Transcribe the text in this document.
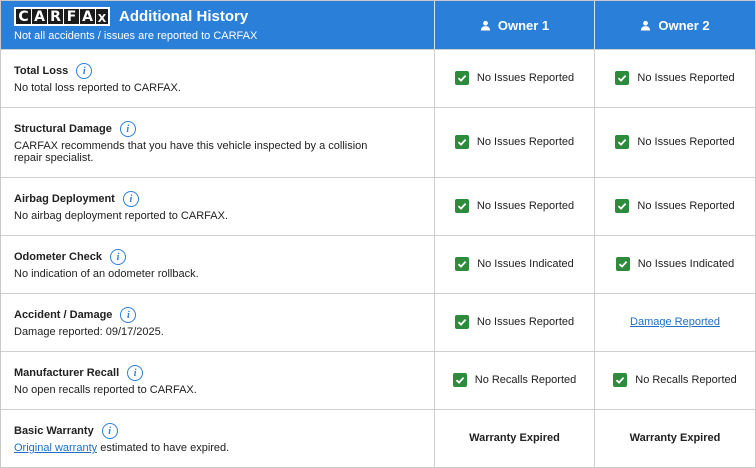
C A R F A X Additional History
Not all accidents / issues are reported to CARFAX
Owner 1	Owner 2
Total Loss	i
No total loss reported to CARFAX.
No Issues Reported	No Issues Reported
Structural Damage	i
CARFAX recommends that you have this vehicle inspected by a collision repair specialist.
No Issues Reported	No Issues Reported
Airbag Deployment	i
No airbag deployment reported to CARFAX.
No Issues Reported	No Issues Reported
Odometer Check	i
No indication of an odometer rollback.
No Issues Indicated	No Issues Indicated
Accident / Damage	i
Damage reported: 09/17/2025.
No Issues Reported	Damage Reported
Manufacturer Recall	i
No open recalls reported to CARFAX.
No Recalls Reported	No Recalls Reported
Basic Warranty	i
Original warranty estimated to have expired.
Warranty Expired	Warranty Expired
